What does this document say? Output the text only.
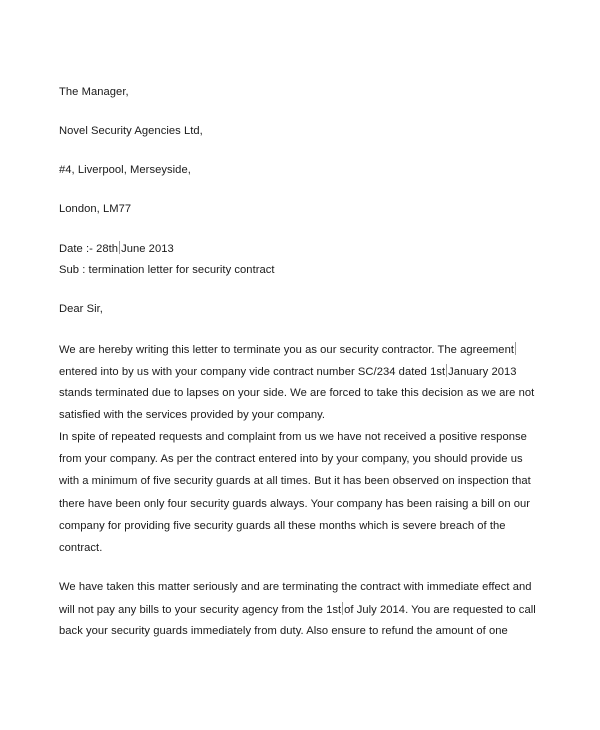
The Manager,
Novel Security Agencies Ltd,
#4, Liverpool, Merseyside,
London, LM77
Date :- 28th June 2013
Sub : termination letter for security contract
Dear Sir,
We are hereby writing this letter to terminate you as our security contractor. The agreement
entered into by us with your company vide contract number SC/234 dated 1st January 2013
stands terminated due to lapses on your side. We are forced to take this decision as we are not
satisfied with the services provided by your company.
In spite of repeated requests and complaint from us we have not received a positive response
from your company. As per the contract entered into by your company, you should provide us
with a minimum of five security guards at all times. But it has been observed on inspection that
there have been only four security guards always. Your company has been raising a bill on our
company for providing five security guards all these months which is severe breach of the
contract.
We have taken this matter seriously and are terminating the contract with immediate effect and
will not pay any bills to your security agency from the 1st of July 2014. You are requested to call
back your security guards immediately from duty. Also ensure to refund the amount of one
